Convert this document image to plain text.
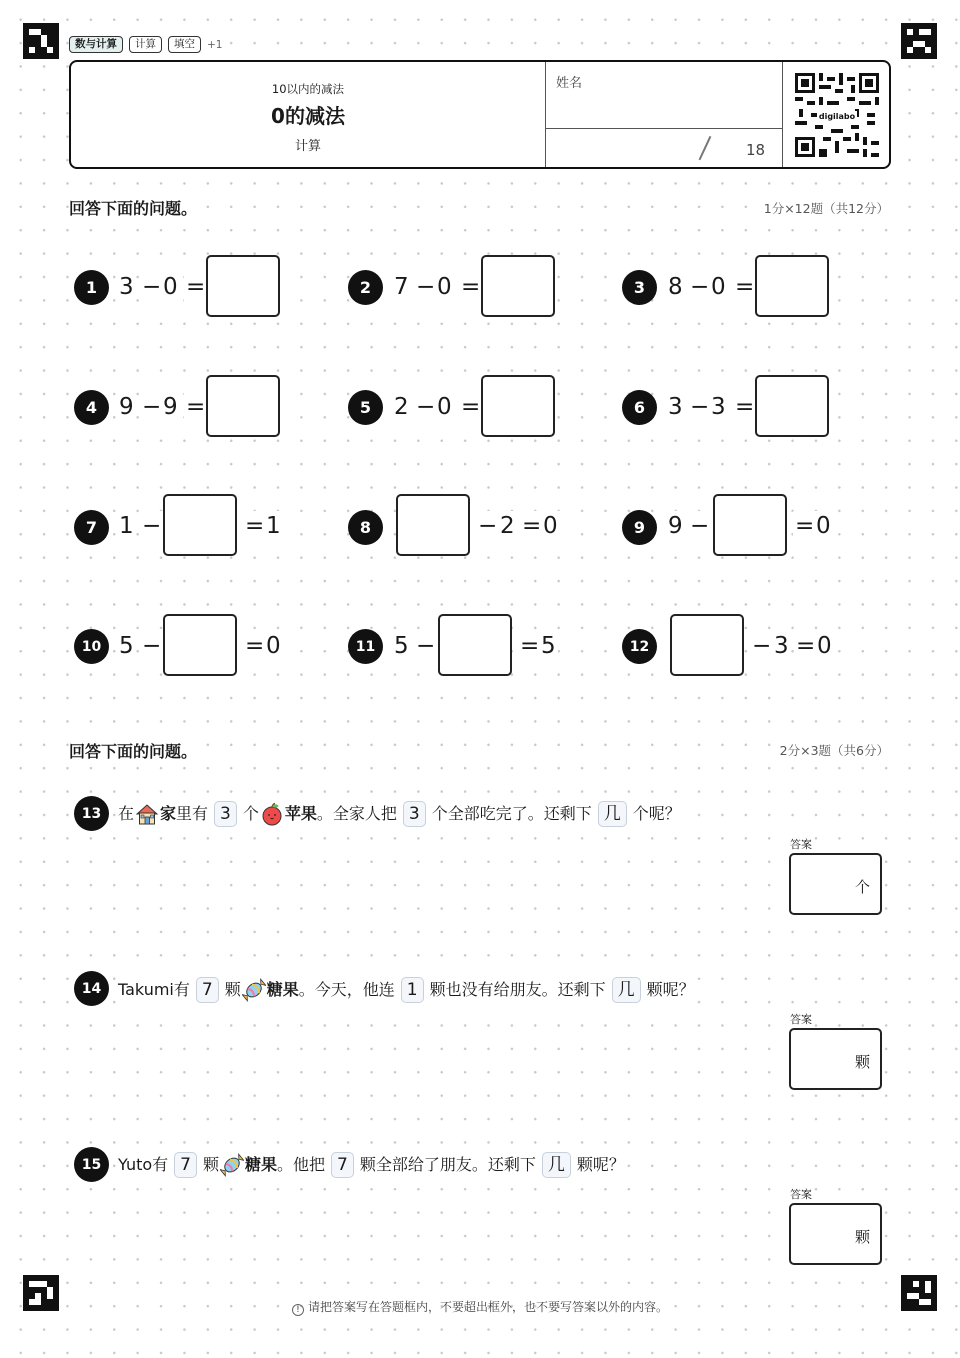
数与计算	计算	填空	+1
10以内的减法
0的减法
计算
姓名
18
digilabo
回答下面的问题。	1分×12题（共12分）
1 3 − 0 =	2 7 − 0 =	3 8 − 0 =
4 9 − 9 =	5 2 − 0 =	6 3 − 3 =
7 1 −	= 1	8	− 2 = 0	9 9 −	= 0
10 5 −	= 0	11 5 −	= 5	12	− 3 = 0
回答下面的问题。	2分×3题（共6分）
13	在 家 里有 3 个 苹果 。全家人把 3 个全部吃完了。还剩下 几 个呢？
答案
个
14	Takumi有 7 颗 糖果 。今天，他连 1 颗也没有给朋友。还剩下 几 颗呢？
答案
颗
15	Yuto有 7 颗 糖果 。他把 7 颗全部给了朋友。还剩下 几 颗呢？
答案
颗
! 请把答案写在答题框内，不要超出框外，也不要写答案以外的内容。
